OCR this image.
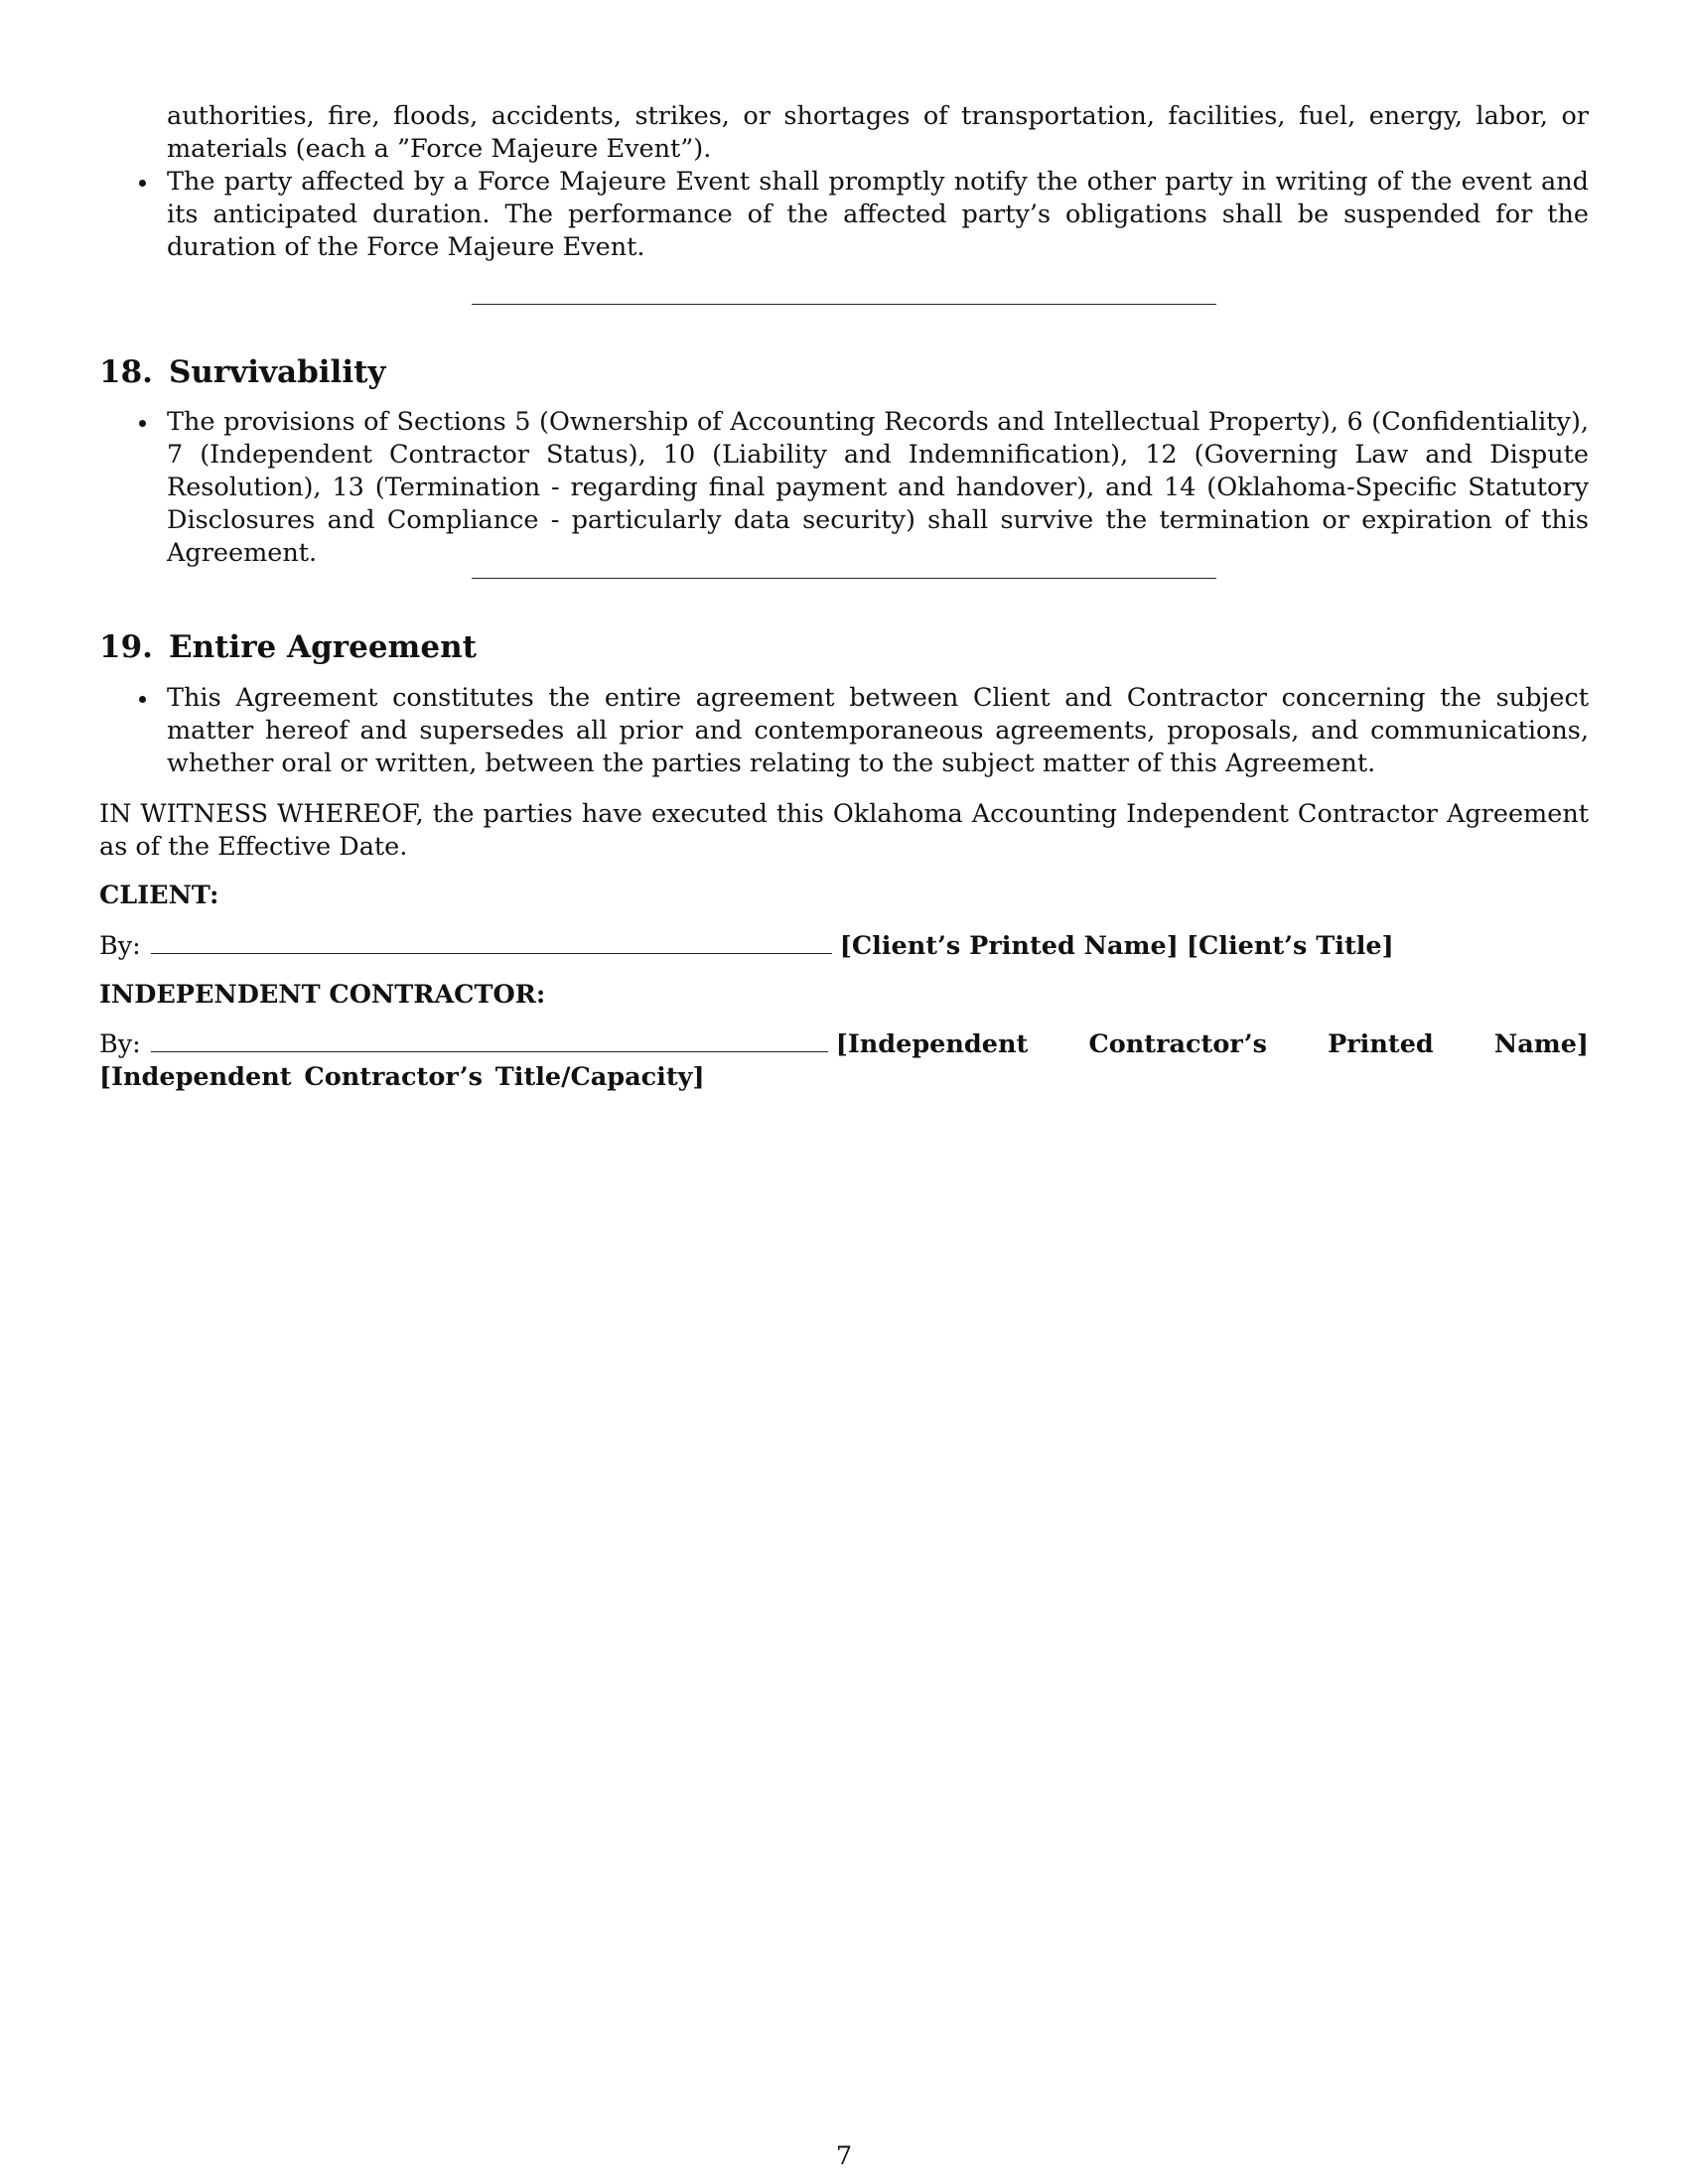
authorities, fire, floods, accidents, strikes, or shortages of transportation, facilities, fuel, energy, labor, or materials (each a ”Force Majeure Event”).

The party affected by a Force Majeure Event shall promptly notify the other party in writing of the event and its anticipated duration. The performance of the affected party’s obligations shall be suspended for the duration of the Force Majeure Event.
18. Survivability
The provisions of Sections 5 (Ownership of Accounting Records and Intellectual Property), 6 (Confidentiality), 7 (Independent Contractor Status), 10 (Liability and Indemnification), 12 (Governing Law and Dispute Resolution), 13 (Termination - regarding final payment and handover), and 14 (Oklahoma-Specific Statutory Disclosures and Compliance - particularly data security) shall survive the termination or expiration of this Agreement.
19. Entire Agreement
This Agreement constitutes the entire agreement between Client and Contractor concerning the subject matter hereof and supersedes all prior and contemporaneous agreements, proposals, and communications, whether oral or written, between the parties relating to the subject matter of this Agreement.

IN WITNESS WHEREOF, the parties have executed this Oklahoma Accounting Independent Contractor Agreement as of the Effective Date.

CLIENT:

By:	[Client’s Printed Name] [Client’s Title]

INDEPENDENT CONTRACTOR:

By:	[Independent Contractor’s Printed Name] [Independent Contractor’s Title/Capacity]
7
